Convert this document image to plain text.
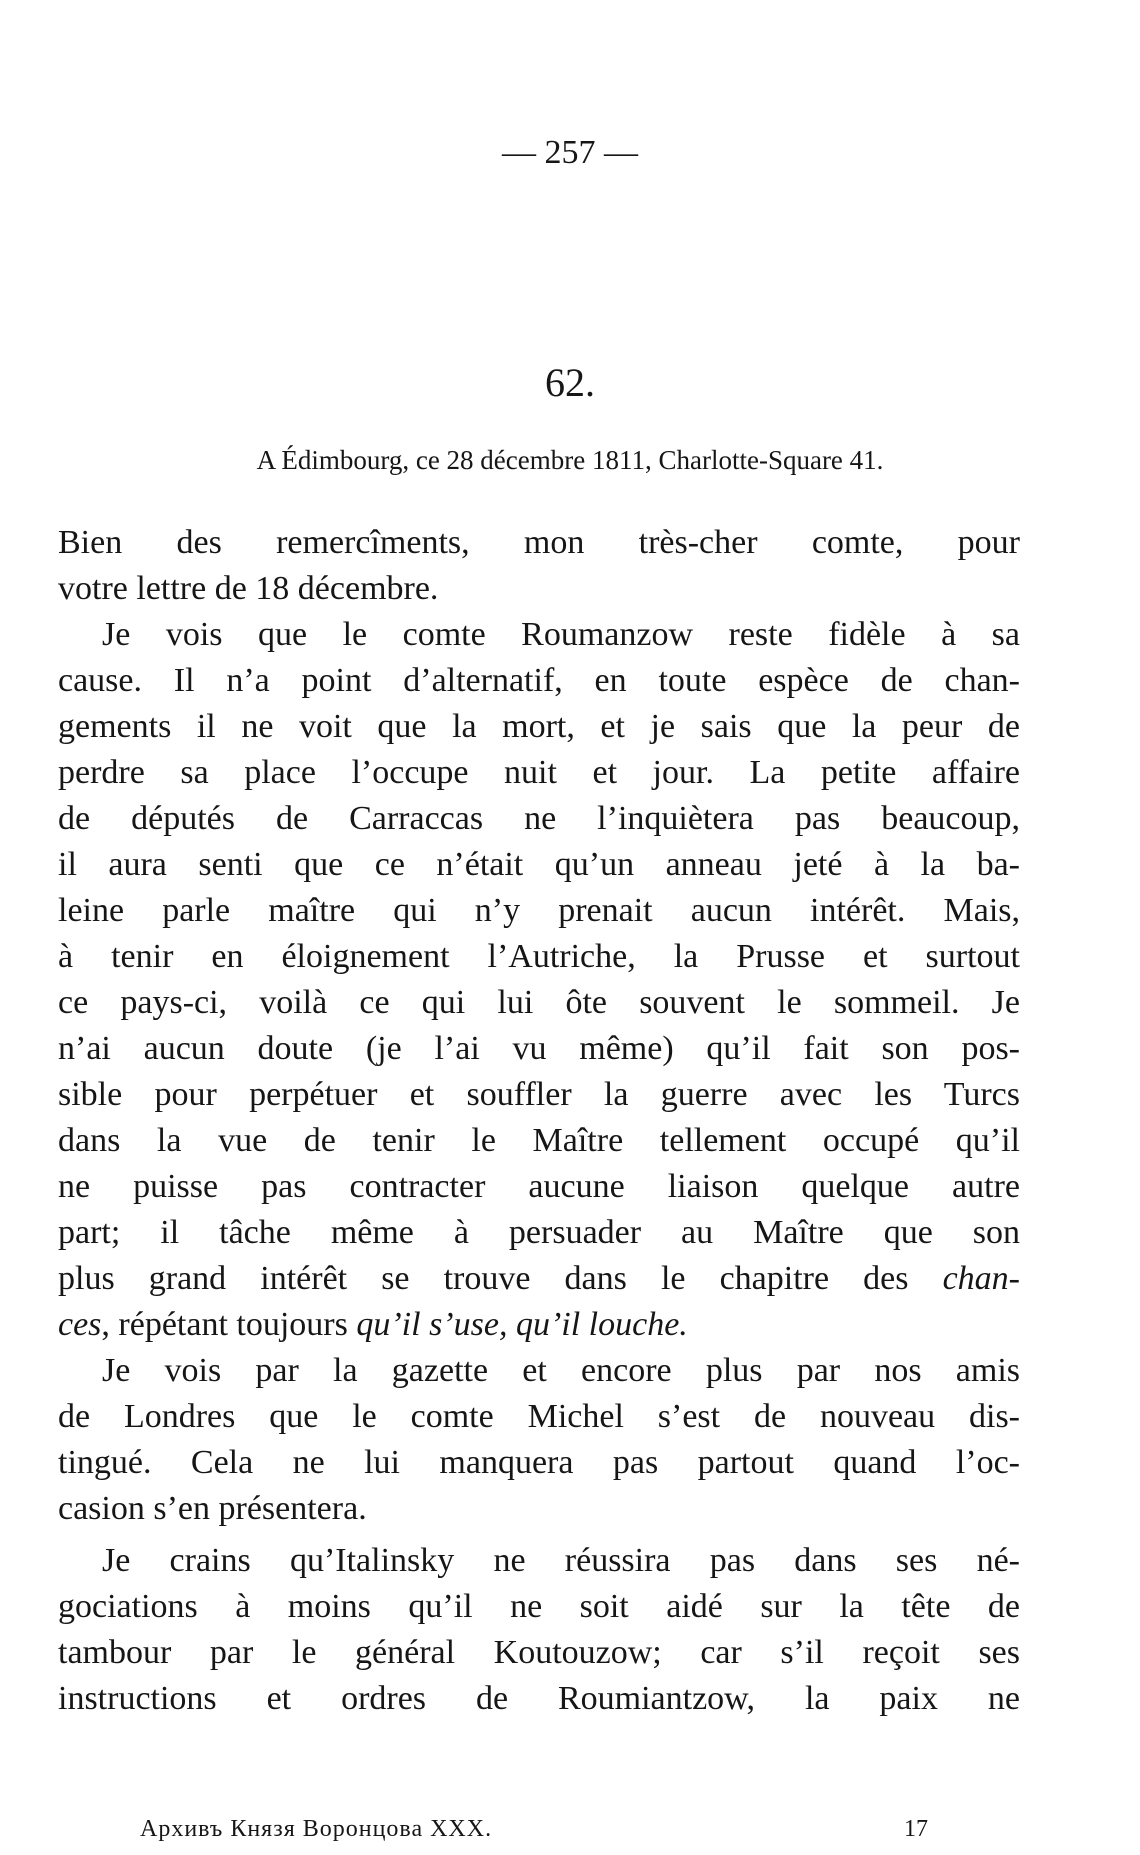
— 257 —
62.
A Édimbourg, ce 28 décembre 1811, Charlotte-Square 41.
Bien des remercîments, mon très-cher comte, pour
votre lettre de 18 décembre.
Je vois que le comte Roumanzow reste fidèle à sa
cause. Il n’a point d’alternatif, en toute espèce de chan-
gements il ne voit que la mort, et je sais que la peur de
perdre sa place l’occupe nuit et jour. La petite affaire
de députés de Carraccas ne l’inquiètera pas beaucoup,
il aura senti que ce n’était qu’un anneau jeté à la ba-
leine parle maître qui n’y prenait aucun intérêt. Mais,
à tenir en éloignement l’Autriche, la Prusse et surtout
ce pays-ci, voilà ce qui lui ôte souvent le sommeil. Je
n’ai aucun doute (je l’ai vu même) qu’il fait son pos-
sible pour perpétuer et souffler la guerre avec les Turcs
dans la vue de tenir le Maître tellement occupé qu’il
ne puisse pas contracter aucune liaison quelque autre
part; il tâche même à persuader au Maître que son
plus grand intérêt se trouve dans le chapitre des chan-
ces, répétant toujours qu’il s’use, qu’il louche.
Je vois par la gazette et encore plus par nos amis
de Londres que le comte Michel s’est de nouveau dis-
tingué. Cela ne lui manquera pas partout quand l’oc-
casion s’en présentera.
Je crains qu’Italinsky ne réussira pas dans ses né-
gociations à moins qu’il ne soit aidé sur la tête de
tambour par le général Koutouzow; car s’il reçoit ses
instructions et ordres de Roumiantzow, la paix ne
Архивъ Князя Воронцова XXX.	17
